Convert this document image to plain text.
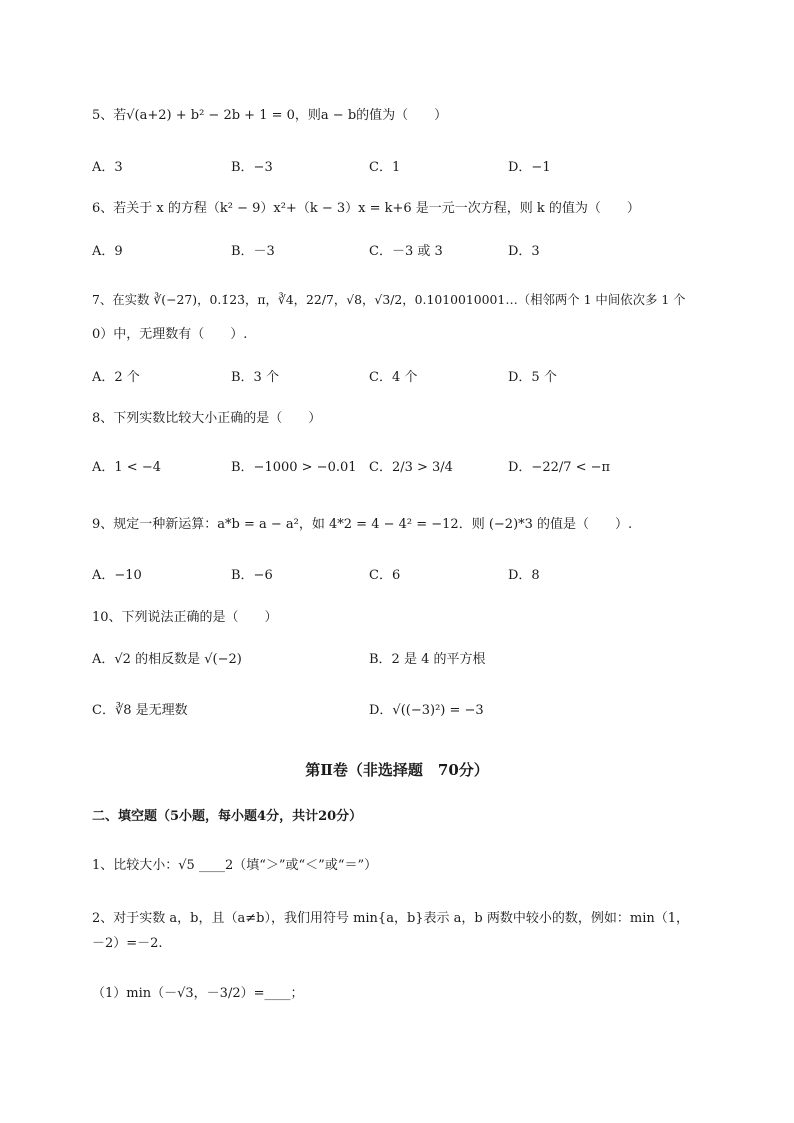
5、若√(a+2) + b² − 2b + 1 = 0，则a − b的值为（　　）
A．3	B．−3	C．1	D．−1
6、若关于 x 的方程（k² − 9）x²+（k − 3）x = k+6 是一元一次方程，则 k 的值为（　　）
A．9	B．－3	C．－3 或 3	D．3
7、在实数 ∛(−27)，0.1̇23̇，π，∛4，22/7，√8，√3/2，0.1010010001…（相邻两个 1 中间依次多 1 个
0）中，无理数有（　　）.
A．2 个	B．3 个	C．4 个	D．5 个
8、下列实数比较大小正确的是（　　）
A．1 < −4	B．−1000 > −0.01 C．2/3 > 3/4	D．−22/7 < −π
9、规定一种新运算：a*b = a − a²，如 4*2 = 4 − 4² = −12．则 (−2)*3 的值是（　　）.
A．−10	B．−6	C．6	D．8
10、下列说法正确的是（　　）
A．√2 的相反数是 √(−2)	B．2 是 4 的平方根
C．∛8 是无理数	D．√((−3)²) = −3
第Ⅱ卷（非选择题　70分）
二、填空题（5小题，每小题4分，共计20分）
1、比较大小：√5 ____2（填“＞”或“＜”或“＝”）
2、对于实数 a，b，且（a≠b），我们用符号 min{a，b}表示 a，b 两数中较小的数，例如：min（1，
－2）=－2.
（1）min（－√3，－3/2）=____；
